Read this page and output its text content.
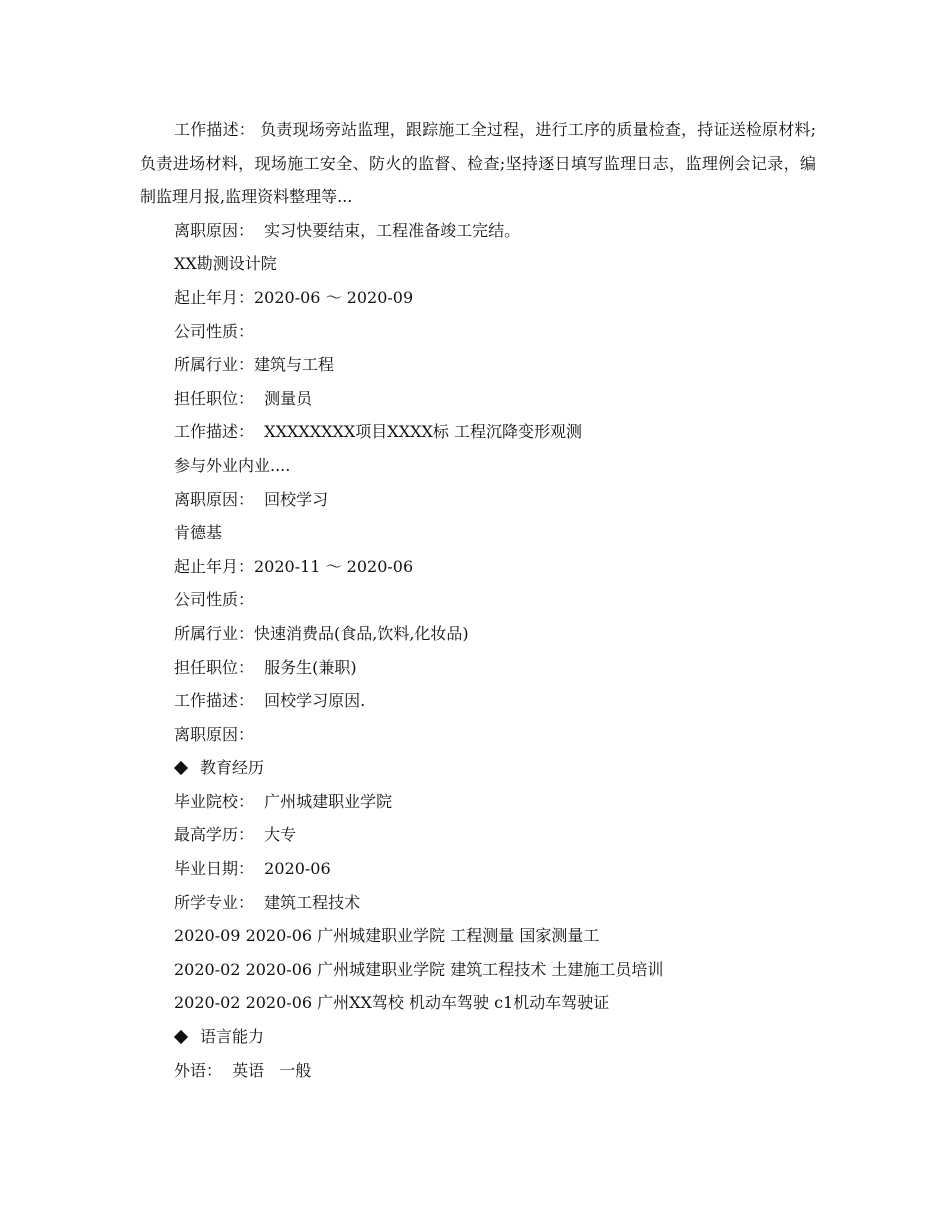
工作描述： 负责现场旁站监理，跟踪施工全过程，进行工序的质量检查，持证送检原材料;负责进场材料，现场施工安全、防火的监督、检查;坚持逐日填写监理日志，监理例会记录，编制监理月报,监理资料整理等...
离职原因：  实习快要结束，工程准备竣工完结。
XX勘测设计院
起止年月：2020-06 ～ 2020-09
公司性质：
所属行业：建筑与工程
担任职位：  测量员
工作描述：  XXXXXXXX项目XXXX标 工程沉降变形观测
参与外业内业....
离职原因：  回校学习
肯德基
起止年月：2020-11 ～ 2020-06
公司性质：
所属行业：快速消费品(食品,饮料,化妆品)
担任职位：  服务生(兼职)
工作描述：  回校学习原因.
离职原因：
教育经历
毕业院校：  广州城建职业学院
最高学历：  大专
毕业日期：  2020-06
所学专业：  建筑工程技术
2020-09 2020-06 广州城建职业学院 工程测量 国家测量工
2020-02 2020-06 广州城建职业学院 建筑工程技术 土建施工员培训
2020-02 2020-06 广州XX驾校 机动车驾驶 c1机动车驾驶证
语言能力
外语：  英语   一般
